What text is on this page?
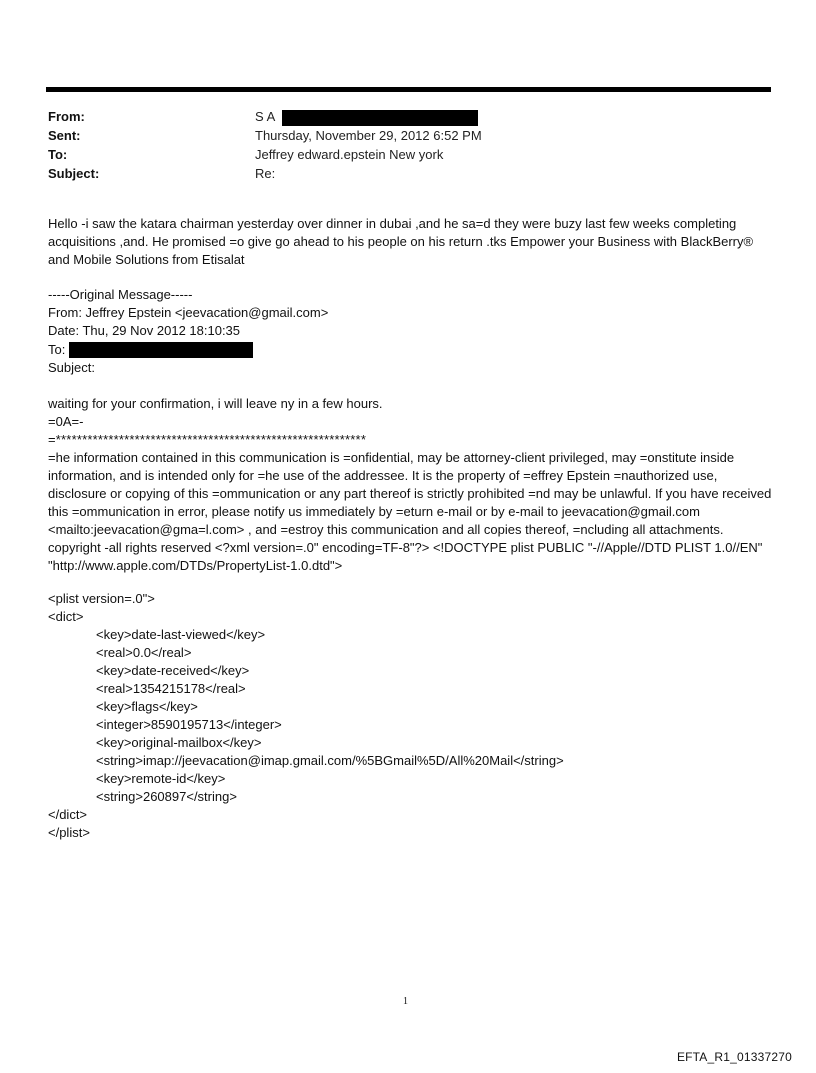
From:	S A
Sent:	Thursday, November 29, 2012 6:52 PM
To:	Jeffrey edward.epstein New york
Subject:	Re:
Hello -i saw the katara chairman yesterday over dinner in dubai ,and he sa=d they were buzy last few weeks completing acquisitions ,and. He promised =o give go ahead to his people on his return .tks Empower your Business with BlackBerry® and Mobile Solutions from Etisalat
-----Original Message-----
From: Jeffrey Epstein <jeevacation@gmail.com>
Date: Thu, 29 Nov 2012 18:10:35
To:
Subject:
waiting for your confirmation, i will leave ny in a few hours.
=0A=-
=***********************************************************
=he information contained in this communication is =onfidential, may be attorney-client privileged, may =onstitute inside information, and is intended only for =he use of the addressee. It is the property of =effrey Epstein =nauthorized use, disclosure or copying of this =ommunication or any part thereof is strictly prohibited =nd may be unlawful. If you have received this =ommunication in error, please notify us immediately by =eturn e-mail or by e-mail to jeevacation@gmail.com <mailto:jeevacation@gma=l.com> , and =estroy this communication and all copies thereof, =ncluding all attachments. copyright -all rights reserved <?xml version=.0" encoding=TF-8"?> <!DOCTYPE plist PUBLIC "-//Apple//DTD PLIST 1.0//EN" "http://www.apple.com/DTDs/PropertyList-1.0.dtd">
<plist version=.0">
<dict>
<key>date-last-viewed</key>
<real>0.0</real>
<key>date-received</key>
<real>1354215178</real>
<key>flags</key>
<integer>8590195713</integer>
<key>original-mailbox</key>
<string>imap://jeevacation@imap.gmail.com/%5BGmail%5D/All%20Mail</string>
<key>remote-id</key>
<string>260897</string>
</dict>
</plist>
1
EFTA_R1_01337270
